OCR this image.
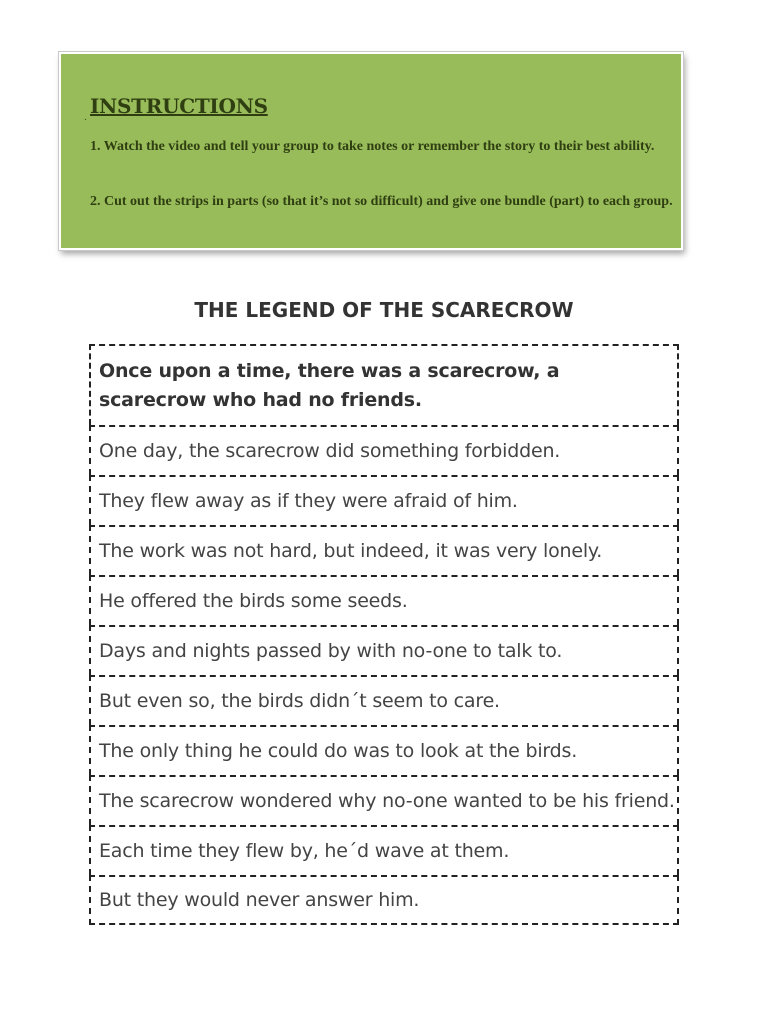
. INSTRUCTIONS

1. Watch the video and tell your group to take notes or remember the story to their best ability.

2. Cut out the strips in parts (so that it’s not so difficult) and give one bundle (part) to each group.

THE LEGEND OF THE SCARECROW
Once upon a time, there was a scarecrow, a scarecrow who had no friends.
One day, the scarecrow did something forbidden.
They flew away as if they were afraid of him.
The work was not hard, but indeed, it was very lonely.
He offered the birds some seeds.
Days and nights passed by with no-one to talk to.
But even so, the birds didn´t seem to care.
The only thing he could do was to look at the birds.
The scarecrow wondered why no-one wanted to be his friend.
Each time they flew by, he´d wave at them.
But they would never answer him.
